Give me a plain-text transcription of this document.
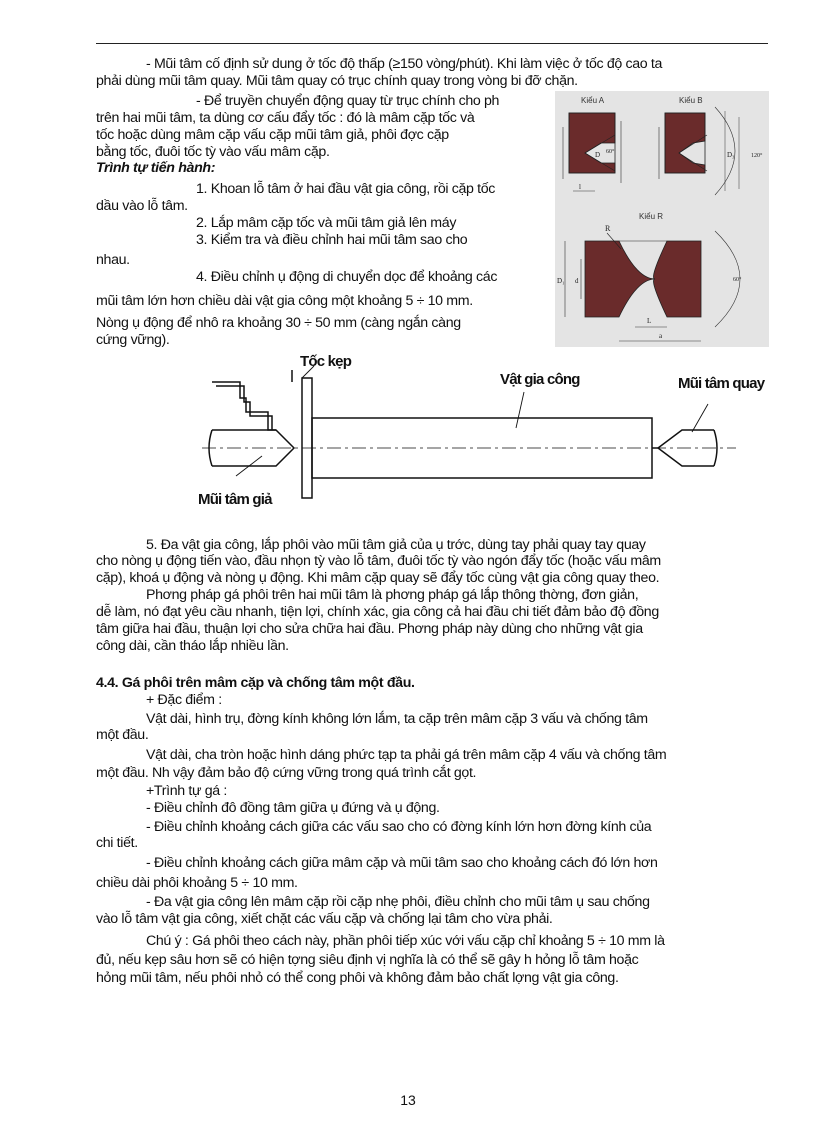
- Mũi tâm cố định sử dung ở tốc độ thấp (≥150 vòng/phút). Khi làm việc ở tốc độ cao ta
phải dùng mũi tâm quay. Mũi tâm quay có trục chính quay trong vòng bi đỡ chặn.
- Để truyền chuyển động quay từ trục chính cho ph
trên hai mũi tâm, ta dùng cơ cấu đẩy tốc : đó là mâm cặp tốc và
tốc hoặc dùng mâm cặp vấu cặp mũi tâm giả, phôi đợc cặp
bằng tốc, đuôi tốc tỳ vào vấu mâm cặp.
Trình tự tiến hành:
1. Khoan lỗ tâm ở hai đầu vật gia công, rồi cặp tốc
dầu vào lỗ tâm.
2. Lắp mâm cặp tốc và mũi tâm giả lên máy
3. Kiểm tra và điều chỉnh hai mũi tâm sao cho
nhau.
4. Điều chỉnh ụ động di chuyển dọc để khoảng các
mũi tâm lớn hơn chiều dài vật gia công một khoảng 5 ÷ 10 mm.
Nòng ụ động để nhô ra khoảng 30 ÷ 50 mm (càng ngắn càng
cứng vững).
Kiểu A
D 60°
l
Kiểu B
D₃	120°
Kiểu R
R
D₁ d	60°
L
a
Tốc kẹp
Vật gia công	Mũi tâm quay
Mũi tâm giả
5. Đa vật gia công, lắp phôi vào mũi tâm giả của ụ trớc, dùng tay phải quay tay quay
cho nòng ụ động tiến vào, đầu nhọn tỳ vào lỗ tâm, đuôi tốc tỳ vào ngón đẩy tốc (hoặc vấu mâm
cặp), khoá ụ động và nòng ụ động. Khi mâm cặp quay sẽ đẩy tốc cùng vật gia công quay theo.
Phơng pháp gá phôi trên hai mũi tâm là phơng pháp gá lắp thông thờng, đơn giản,
dễ làm, nó đạt yêu cầu nhanh, tiện lợi, chính xác, gia công cả hai đầu chi tiết đảm bảo độ đồng
tâm giữa hai đầu, thuận lợi cho sửa chữa hai đầu. Phơng pháp này dùng cho những vật gia
công dài, cần tháo lắp nhiều lần.
4.4. Gá phôi trên mâm cặp và chống tâm một đầu.
+ Đặc điểm :
Vật dài, hình trụ, đờng kính không lớn lắm, ta cặp trên mâm cặp 3 vấu và chống tâm
một đầu.
Vật dài, cha tròn hoặc hình dáng phức tạp ta phải gá trên mâm cặp 4 vấu và chống tâm
một đầu. Nh vậy đảm bảo độ cứng vững trong quá trình cắt gọt.
+Trình tự gá :
- Điều chỉnh đô đồng tâm giữa ụ đứng và ụ động.
- Điều chỉnh khoảng cách giữa các vấu sao cho có đờng kính lớn hơn đờng kính của
chi tiết.
- Điều chỉnh khoảng cách giữa mâm cặp và mũi tâm sao cho khoảng cách đó lớn hơn
chiều dài phôi khoảng 5 ÷ 10 mm.
- Đa vật gia công lên mâm cặp rồi cặp nhẹ phôi, điều chỉnh cho mũi tâm ụ sau chống
vào lỗ tâm vật gia công, xiết chặt các vấu cặp và chống lại tâm cho vừa phải.
Chú ý : Gá phôi theo cách này, phần phôi tiếp xúc với vấu cặp chỉ khoảng 5 ÷ 10 mm là
đủ, nếu kẹp sâu hơn sẽ có hiện tợng siêu định vị nghĩa là có thể sẽ gây h hỏng lỗ tâm hoặc
hỏng mũi tâm, nếu phôi nhỏ có thể cong phôi và không đảm bảo chất lợng vật gia công.
13
